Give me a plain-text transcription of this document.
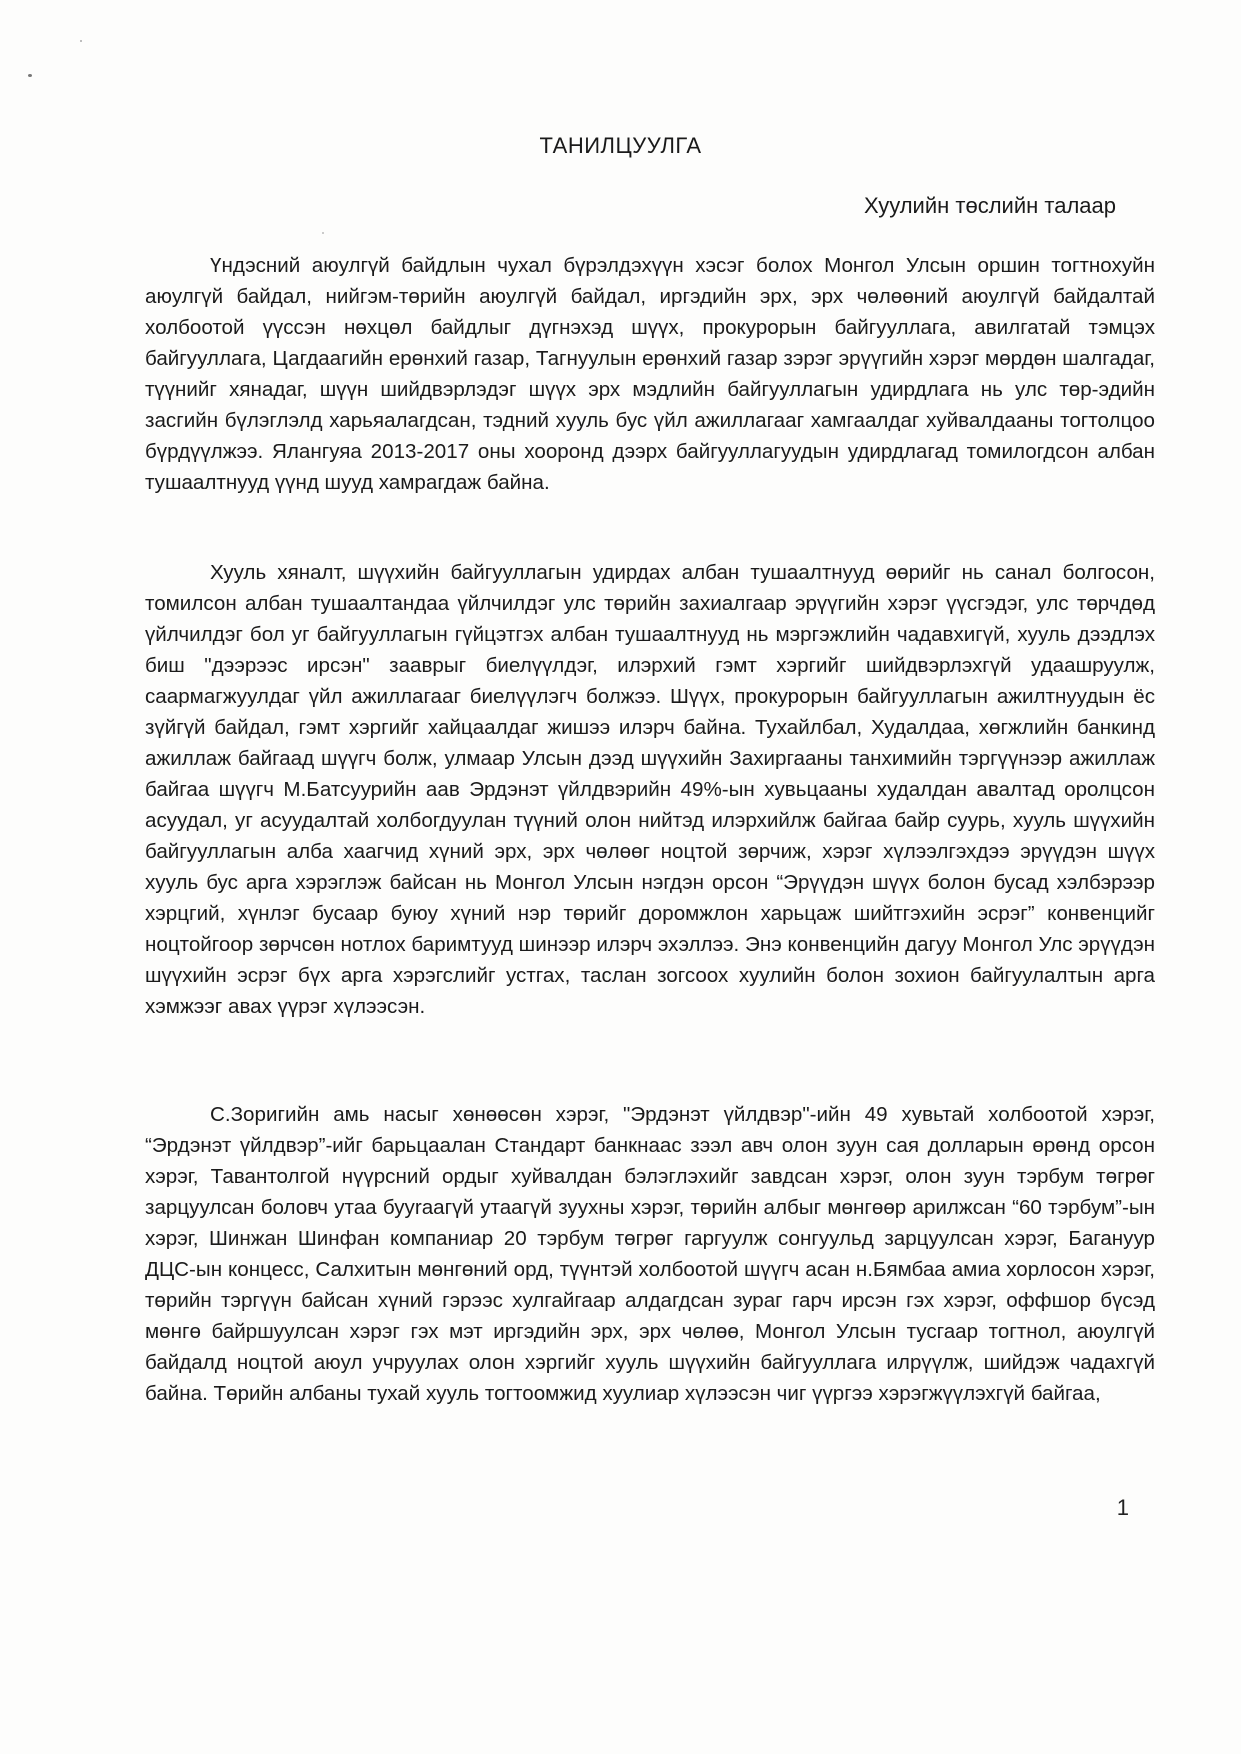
ТАНИЛЦУУЛГА
Хуулийн төслийн талаар

Үндэсний аюулгүй байдлын чухал бүрэлдэхүүн хэсэг болох Монгол Улсын оршин тогтнохуйн аюулгүй байдал, нийгэм-төрийн аюулгүй байдал, иргэдийн эрх, эрх чөлөөний аюулгүй байдалтай холбоотой үүссэн нөхцөл байдлыг дүгнэхэд шүүх, прокурорын байгууллага, авилгатай тэмцэх байгууллага, Цагдаагийн ерөнхий газар, Тагнуулын ерөнхий газар зэрэг эрүүгийн хэрэг мөрдөн шалгадаг, түүнийг хянадаг, шүүн шийдвэрлэдэг шүүх эрх мэдлийн байгууллагын удирдлага нь улс төр-эдийн засгийн бүлэглэлд харьяалагдсан, тэдний хууль бус үйл ажиллагааг хамгаалдаг хуйвалдааны тогтолцоо бүрдүүлжээ. Ялангуяа 2013-2017 оны хооронд дээрх байгууллагуудын удирдлагад томилогдсон албан тушаалтнууд үүнд шууд хамрагдаж байна.

Хууль хяналт, шүүхийн байгууллагын удирдах албан тушаалтнууд өөрийг нь санал болгосон, томилсон албан тушаалтандаа үйлчилдэг улс төрийн захиалгаар эрүүгийн хэрэг үүсгэдэг, улс төрчдөд үйлчилдэг бол уг байгууллагын гүйцэтгэх албан тушаалтнууд нь мэргэжлийн чадавхигүй, хууль дээдлэх биш "дээрээс ирсэн" зааврыг биелүүлдэг, илэрхий гэмт хэргийг шийдвэрлэхгүй удаашруулж, саармагжуулдаг үйл ажиллагааг биелүүлэгч болжээ. Шүүх, прокурорын байгууллагын ажилтнуудын ёс зүйгүй байдал, гэмт хэргийг хайцаалдаг жишээ илэрч байна. Тухайлбал, Худалдаа, хөгжлийн банкинд ажиллаж байгаад шүүгч болж, улмаар Улсын дээд шүүхийн Захиргааны танхимийн тэргүүнээр ажиллаж байгаа шүүгч М.Батсуурийн аав Эрдэнэт үйлдвэрийн 49%-ын хувьцааны худалдан авалтад оролцсон асуудал, уг асуудалтай холбогдуулан түүний олон нийтэд илэрхийлж байгаа байр суурь, хууль шүүхийн байгууллагын алба хаагчид хүний эрх, эрх чөлөөг ноцтой зөрчиж, хэрэг хүлээлгэхдээ эрүүдэн шүүх хууль бус арга хэрэглэж байсан нь Монгол Улсын нэгдэн орсон “Эрүүдэн шүүх болон бусад хэлбэрээр хэрцгий, хүнлэг бусаар буюу хүний нэр төрийг доромжлон харьцаж шийтгэхийн эсрэг” конвенцийг ноцтойгоор зөрчсөн нотлох баримтууд шинээр илэрч эхэллээ. Энэ конвенцийн дагуу Монгол Улс эрүүдэн шүүхийн эсрэг бүх арга хэрэгслийг устгах, таслан зогсоох хуулийн болон зохион байгуулалтын арга хэмжээг авах үүрэг хүлээсэн.

С.Зоригийн амь насыг хөнөөсөн хэрэг, "Эрдэнэт үйлдвэр"-ийн 49 хувьтай холбоотой хэрэг, “Эрдэнэт үйлдвэр”-ийг барьцаалан Стандарт банкнаас зээл авч олон зуун сая долларын өрөнд орсон хэрэг, Тавантолгой нүүрсний ордыг хуйвалдан бэлэглэхийг завдсан хэрэг, олон зуун тэрбум төгрөг зарцуулсан боловч утаа бууraaгүй утаагүй зуухны хэрэг, төрийн албыг мөнгөөр арилжсан “60 тэрбум”-ын хэрэг, Шинжан Шинфан компаниар 20 тэрбум төгрөг гаргуулж сонгуульд зарцуулсан хэрэг, Багануур ДЦС-ын концесс, Салхитын мөнгөний орд, түүнтэй холбоотой шүүгч асан н.Бямбаа амиа хорлосон хэрэг, төрийн тэргүүн байсан хүний гэрээс хулгайгаар алдагдсан зураг гарч ирсэн гэх хэрэг, оффшор бүсэд мөнгө байршуулсан хэрэг гэх мэт иргэдийн эрх, эрх чөлөө, Монгол Улсын тусгаар тогтнол, аюулгүй байдалд ноцтой аюул учруулах олон хэргийг хууль шүүхийн байгууллага илрүүлж, шийдэж чадахгүй байна. Төрийн албаны тухай хууль тогтоомжид хуулиар хүлээсэн чиг үүргээ хэрэгжүүлэхгүй байгаа,

1
